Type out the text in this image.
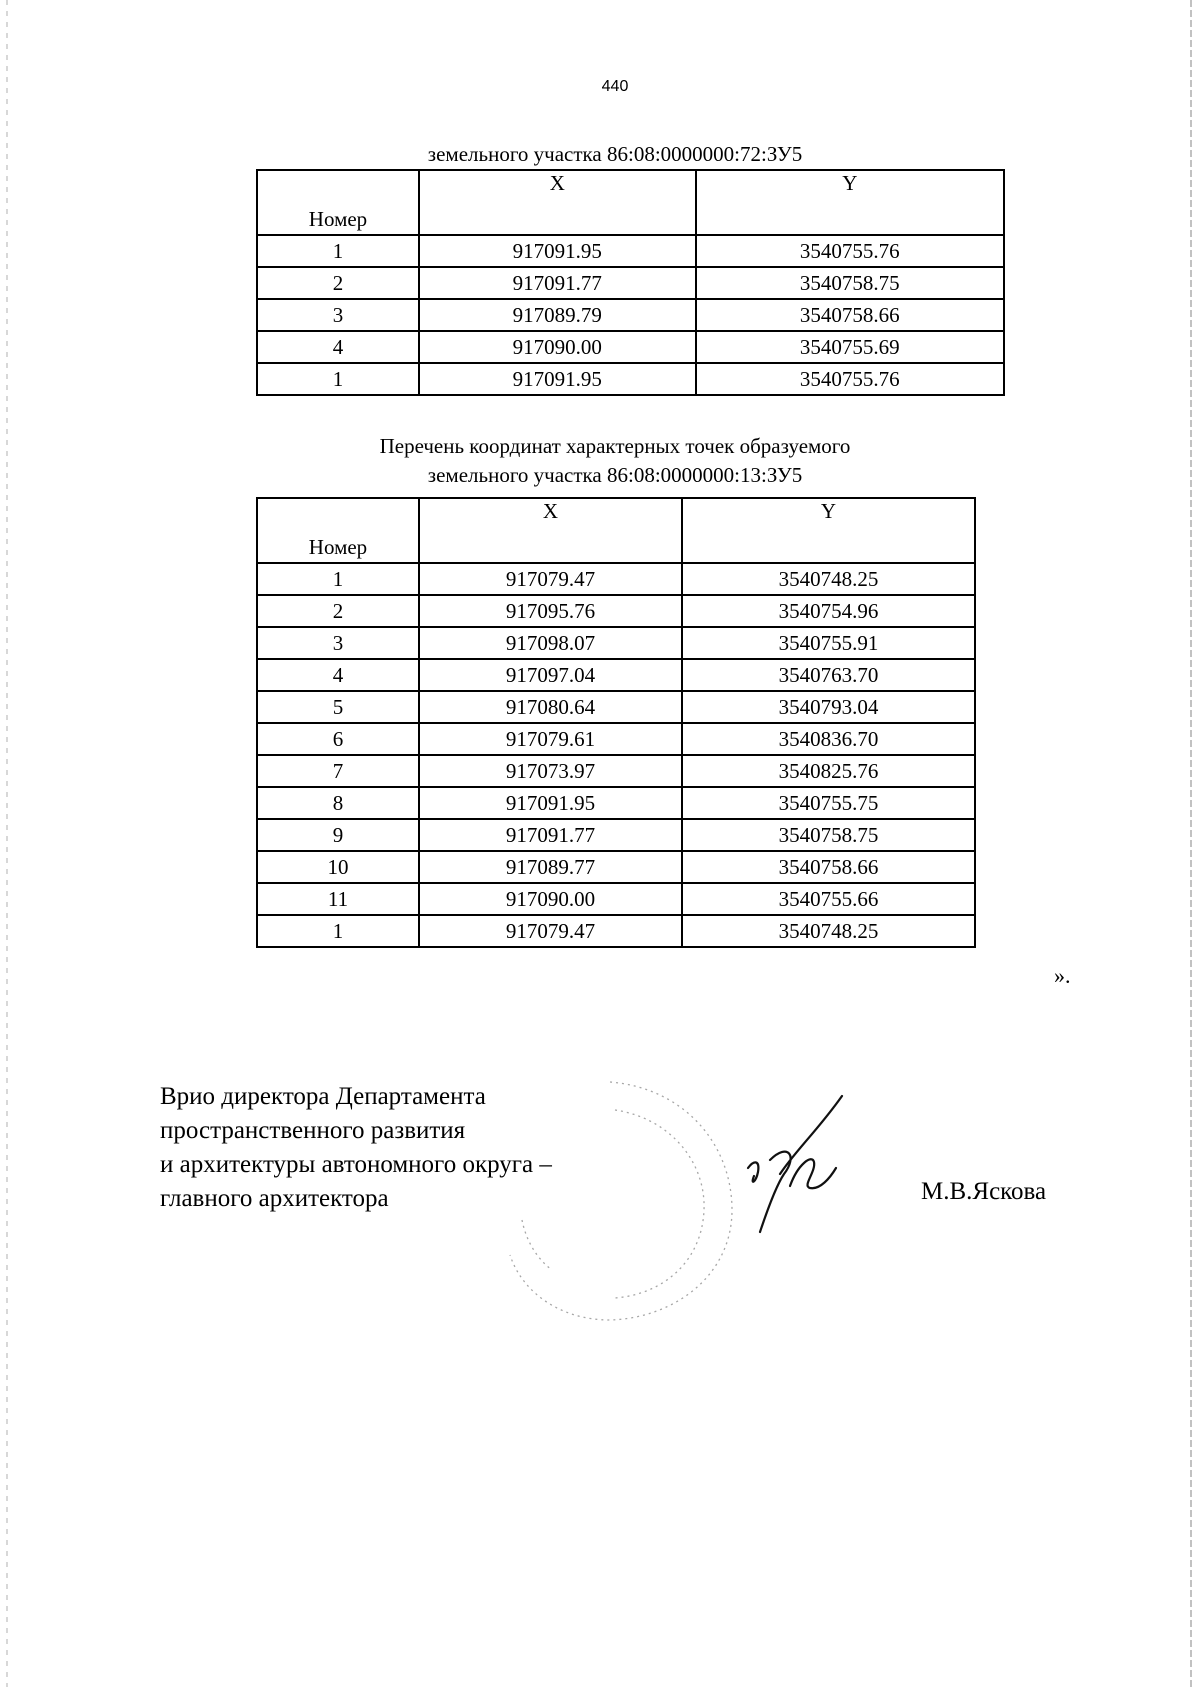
440
земельного участка 86:08:0000000:72:ЗУ5
Номер	X	Y
1	917091.95	3540755.76
2	917091.77	3540758.75
3	917089.79	3540758.66
4	917090.00	3540755.69
1	917091.95	3540755.76
Перечень координат характерных точек образуемого
земельного участка 86:08:0000000:13:ЗУ5
Номер	X	Y
1	917079.47	3540748.25
2	917095.76	3540754.96
3	917098.07	3540755.91
4	917097.04	3540763.70
5	917080.64	3540793.04
6	917079.61	3540836.70
7	917073.97	3540825.76
8	917091.95	3540755.75
9	917091.77	3540758.75
10	917089.77	3540758.66
11	917090.00	3540755.66
1	917079.47	3540748.25
».
Врио директора Департамента
пространственного развития
и архитектуры автономного округа –
главного архитектора	М.В.Яскова
